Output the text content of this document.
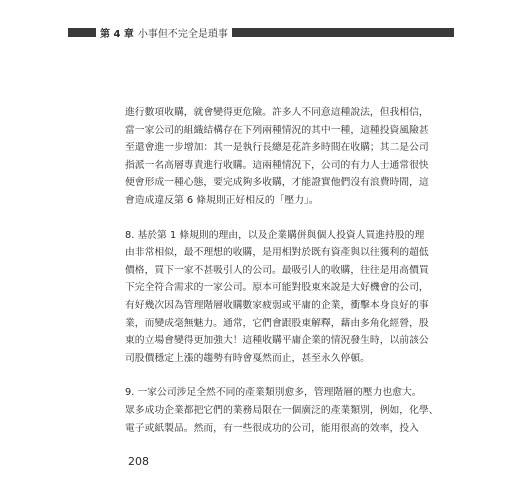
第 4 章 小事但不完全是瑣事

進行數項收購，就會變得更危險。許多人不同意這種說法，但我相信，
當一家公司的組織結構存在下列兩種情況的其中一種，這種投資風險甚
至還會進一步增加：其一是執行長總是花許多時間在收購；其二是公司
指派一名高層專責進行收購。這兩種情況下，公司的有力人士通常很快
便會形成一種心態，要完成夠多收購，才能證實他們沒有浪費時間，這
會造成違反第 6 條規則正好相反的「壓力」。

8. 基於第 1 條規則的理由，以及企業購併與個人投資人買進持股的理
由非常相似，最不理想的收購，是用相對於既有資產與以往獲利的超低
價格，買下一家不甚吸引人的公司。最吸引人的收購，往往是用高價買
下完全符合需求的一家公司。原本可能對股東來說是大好機會的公司，
有好幾次因為管理階層收購數家疲弱或平庸的企業，衝擊本身良好的事
業，而變成毫無魅力。通常，它們會跟股東解釋，藉由多角化經營，股
東的立場會變得更加強大！這種收購平庸企業的情況發生時，以前該公
司股價穩定上漲的趨勢有時會戛然而止，甚至永久停頓。

9. 一家公司涉足全然不同的產業類別愈多，管理階層的壓力也愈大。
眾多成功企業都把它們的業務局限在一個廣泛的產業類別，例如，化學、
電子或紙製品。然而，有一些很成功的公司，能用很高的效率，投入

208
